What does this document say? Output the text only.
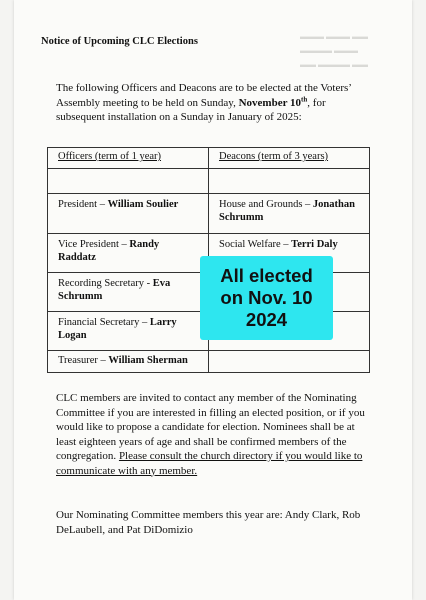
▬▬▬ ▬▬▬ ▬▬
▬▬▬▬ ▬▬▬
▬▬ ▬▬▬▬ ▬▬
Notice of Upcoming CLC Elections
The following Officers and Deacons are to be elected at the Voters’ Assembly meeting to be held on Sunday, November 10th, for subsequent installation on a Sunday in January of 2025:
Officers (term of 1 year)	Deacons (term of 3 years)

President – William Soulier	House and Grounds – Jonathan Schrumm
Vice President – Randy Raddatz	Social Welfare – Terri Daly
Recording Secretary - Eva Schrumm	
Financial Secretary – Larry Logan	
Treasurer – William Sherman	
All elected
on Nov. 10
2024
CLC members are invited to contact any member of the Nominating Committee if you are interested in filling an elected position, or if you would like to propose a candidate for election. Nominees shall be at least eighteen years of age and shall be confirmed members of the congregation. Please consult the church directory if you would like to communicate with any member.
Our Nominating Committee members this year are: Andy Clark, Rob DeLaubell, and Pat DiDomizio
